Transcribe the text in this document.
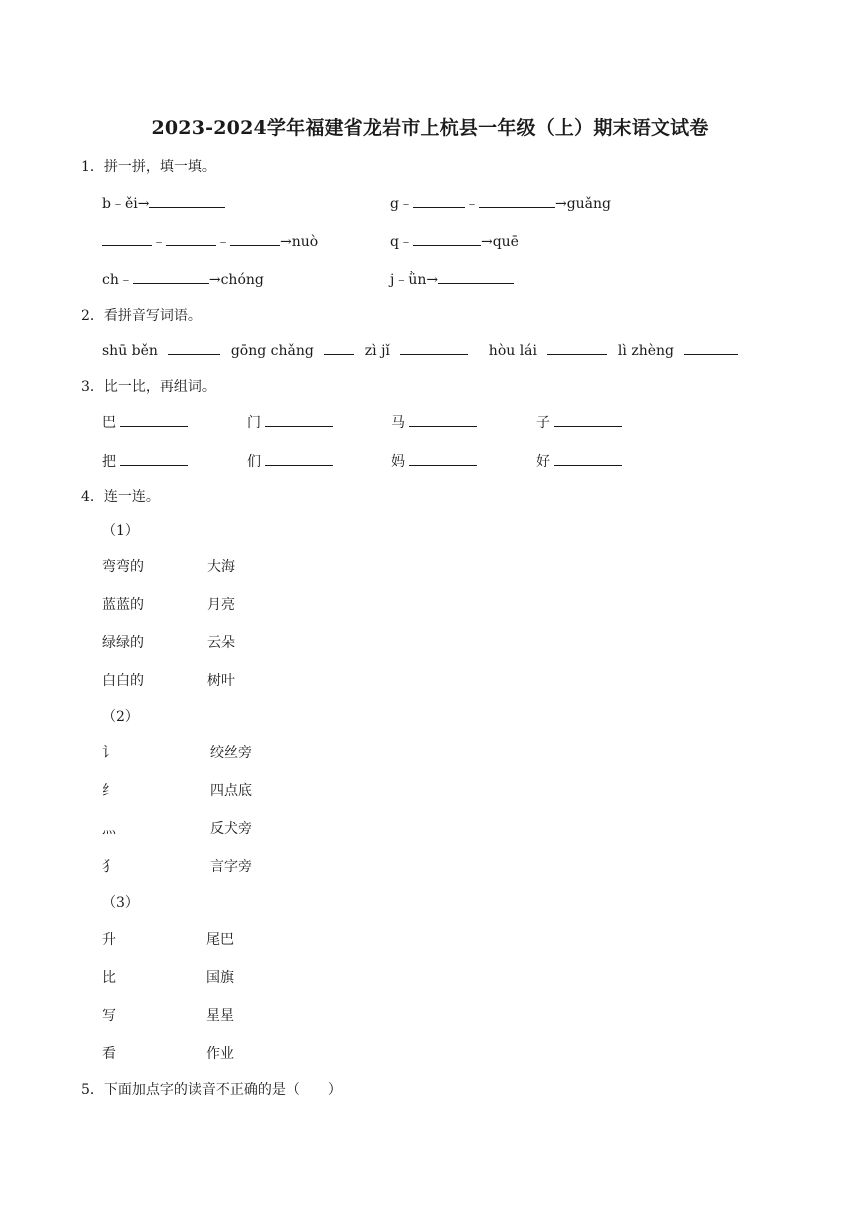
2023-2024学年福建省龙岩市上杭县一年级（上）期末语文试卷
1．拼一拼，填一填。
b﹣ěi→	g﹣	﹣	→guǎng
﹣	﹣	→nuò	q﹣	→quē
ch﹣	→chóng	j﹣ǜn→
2．看拼音写词语。
shū běn	gōng chǎng	zì jǐ	hòu lái	lì zhèng
3．比一比，再组词。
巴	门	马	子
把	们	妈	好
4．连一连。
（1）
弯弯的	大海
蓝蓝的	月亮
绿绿的	云朵
白白的	树叶
（2）
讠	绞丝旁
纟	四点底
灬	反犬旁
犭	言字旁
（3）
升	尾巴
比	国旗
写	星星
看	作业
5．下面加点字的读音不正确的是（　　）
